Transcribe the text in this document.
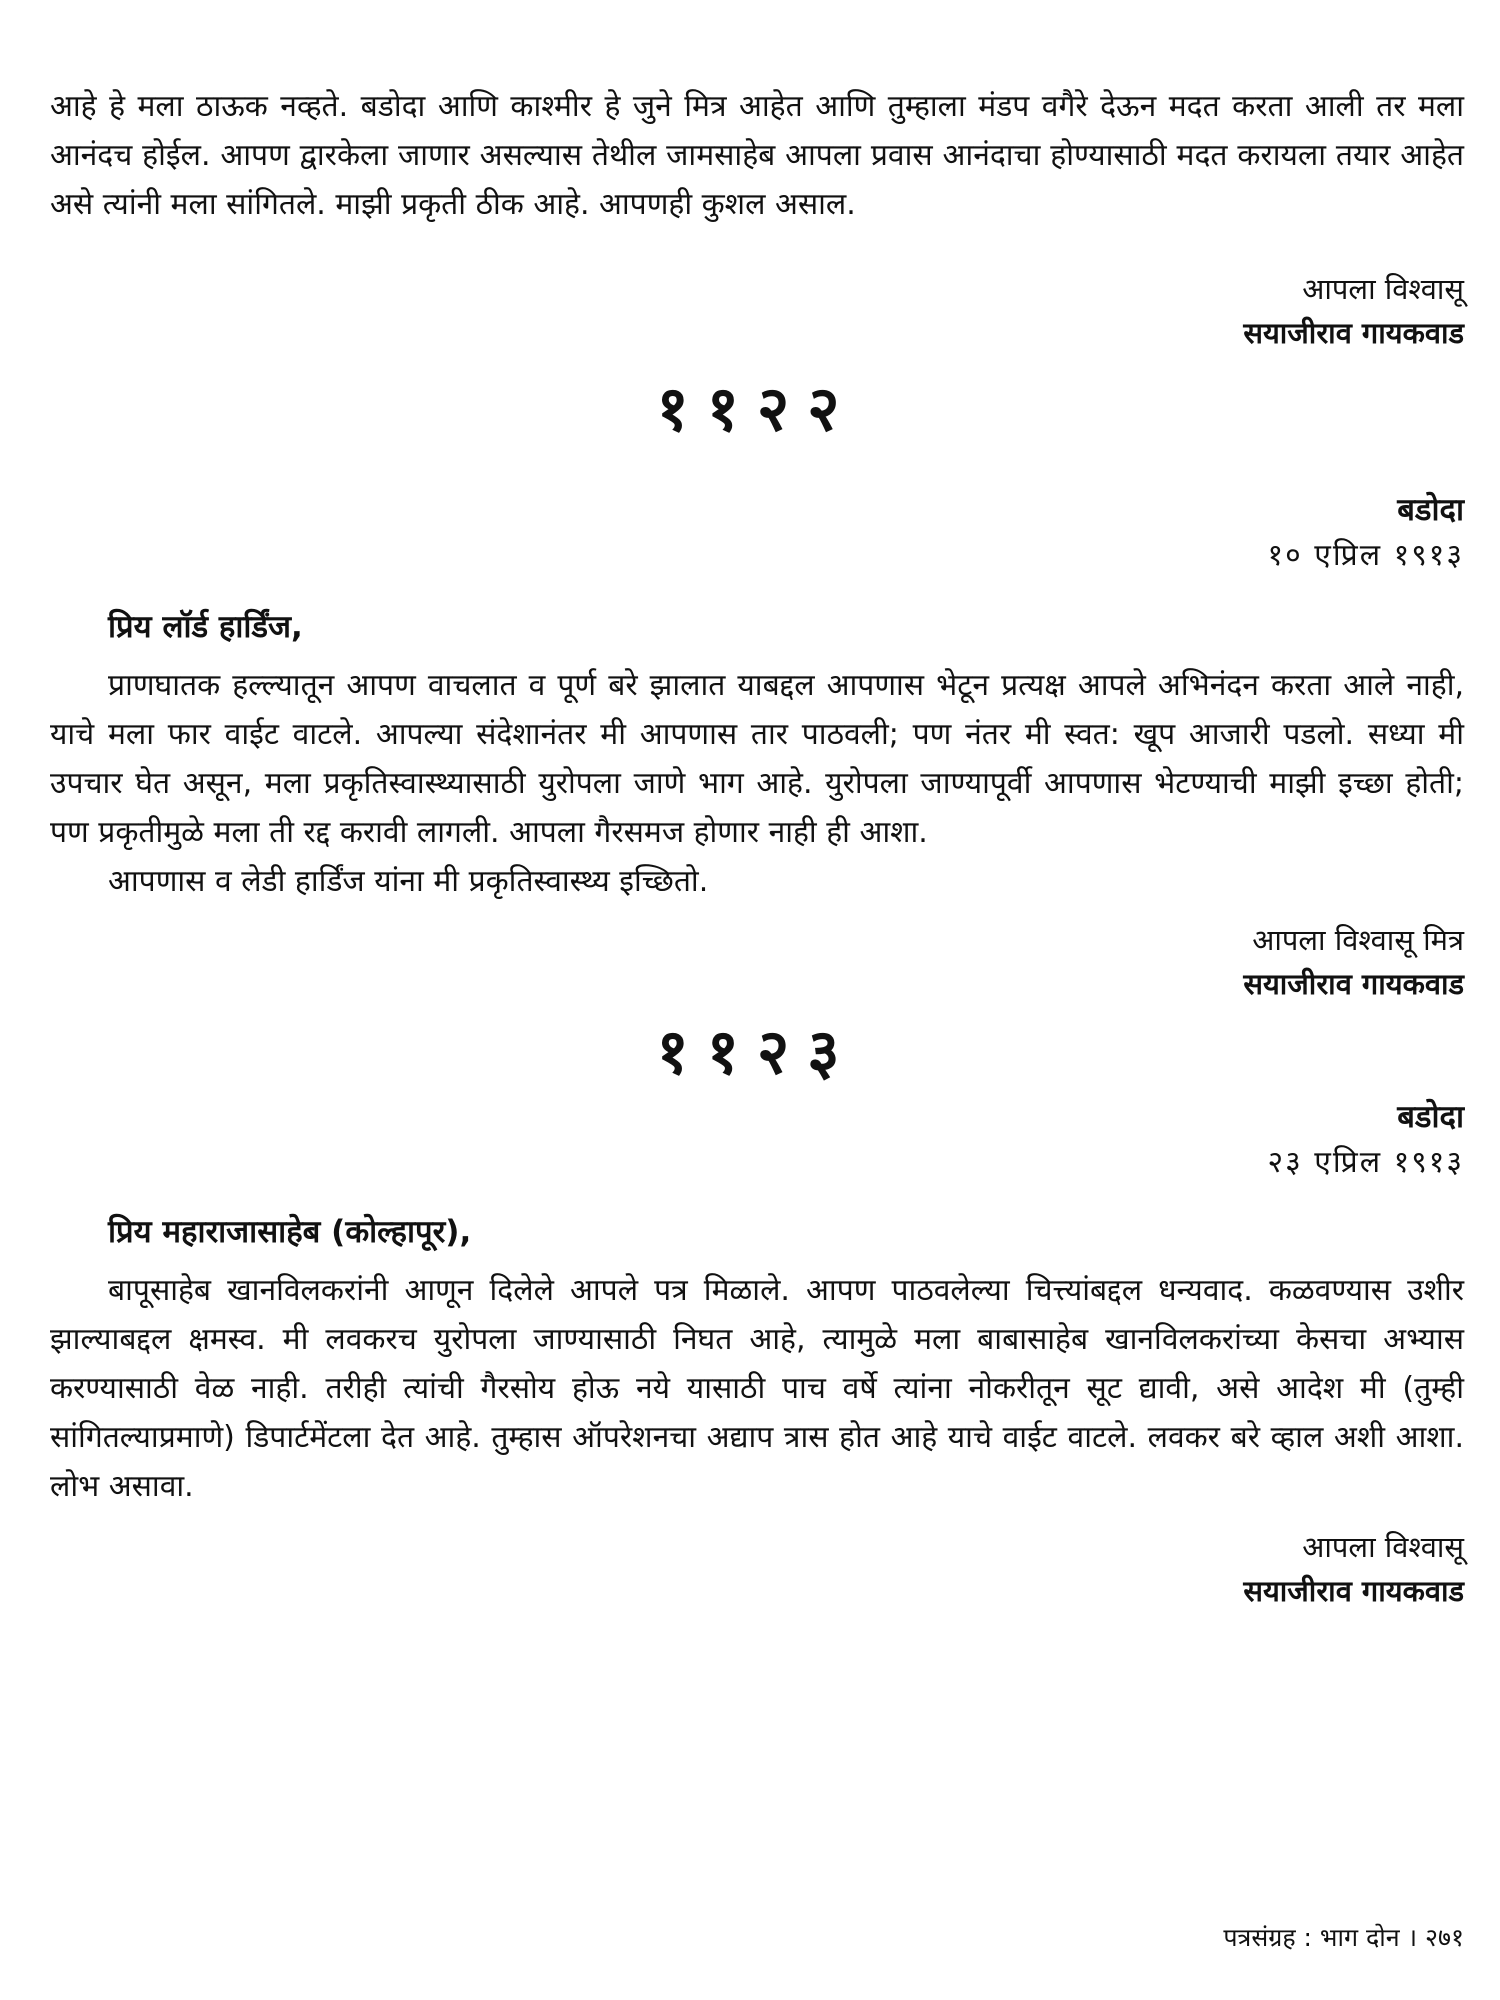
आहे हे मला ठाऊक नव्हते. बडोदा आणि काश्मीर हे जुने मित्र आहेत आणि तुम्हाला मंडप वगैरे देऊन मदत करता आली तर मला आनंदच होईल. आपण द्वारकेला जाणार असल्यास तेथील जामसाहेब आपला प्रवास आनंदाचा होण्यासाठी मदत करायला तयार आहेत असे त्यांनी मला सांगितले. माझी प्रकृती ठीक आहे. आपणही कुशल असाल.

आपला विश्वासू
सयाजीराव गायकवाड
११२२
बडोदा
१० एप्रिल १९१३
प्रिय लॉर्ड हार्डिंज,

प्राणघातक हल्ल्यातून आपण वाचलात व पूर्ण बरे झालात याबद्दल आपणास भेटून प्रत्यक्ष आपले अभिनंदन करता आले नाही, याचे मला फार वाईट वाटले. आपल्या संदेशानंतर मी आपणास तार पाठवली; पण नंतर मी स्वत: खूप आजारी पडलो. सध्या मी उपचार घेत असून, मला प्रकृतिस्वास्थ्यासाठी युरोपला जाणे भाग आहे. युरोपला जाण्यापूर्वी आपणास भेटण्याची माझी इच्छा होती; पण प्रकृतीमुळे मला ती रद्द करावी लागली. आपला गैरसमज होणार नाही ही आशा.

आपणास व लेडी हार्डिंज यांना मी प्रकृतिस्वास्थ्य इच्छितो.

आपला विश्वासू मित्र
सयाजीराव गायकवाड
११२३
बडोदा
२३ एप्रिल १९१३
प्रिय महाराजासाहेब (कोल्हापूर),

बापूसाहेब खानविलकरांनी आणून दिलेले आपले पत्र मिळाले. आपण पाठवलेल्या चित्त्यांबद्दल धन्यवाद. कळवण्यास उशीर झाल्याबद्दल क्षमस्व. मी लवकरच युरोपला जाण्यासाठी निघत आहे, त्यामुळे मला बाबासाहेब खानविलकरांच्या केसचा अभ्यास करण्यासाठी वेळ नाही. तरीही त्यांची गैरसोय होऊ नये यासाठी पाच वर्षे त्यांना नोकरीतून सूट द्यावी, असे आदेश मी (तुम्ही सांगितल्याप्रमाणे) डिपार्टमेंटला देत आहे. तुम्हास ऑपरेशनचा अद्याप त्रास होत आहे याचे वाईट वाटले. लवकर बरे व्हाल अशी आशा. लोभ असावा.

आपला विश्वासू
सयाजीराव गायकवाड
पत्रसंग्रह : भाग दोन । २७१
